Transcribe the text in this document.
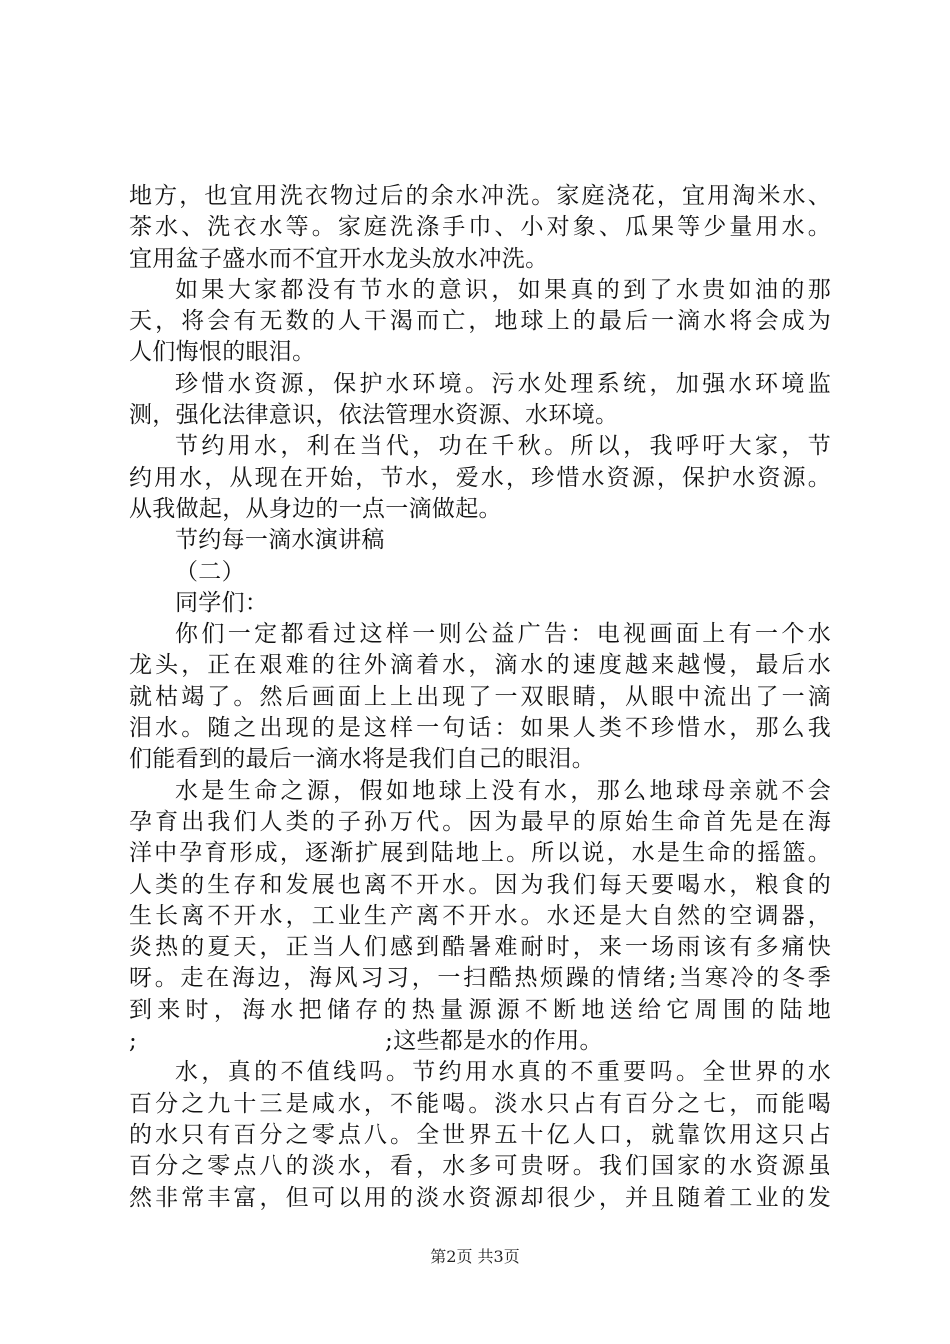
地方，也宜用洗衣物过后的余水冲洗。家庭浇花，宜用淘米水、
茶水、洗衣水等。家庭洗涤手巾、小对象、瓜果等少量用水。
宜用盆子盛水而不宜开水龙头放水冲洗。
如果大家都没有节水的意识，如果真的到了水贵如油的那
天，将会有无数的人干渴而亡，地球上的最后一滴水将会成为
人们悔恨的眼泪。
珍惜水资源，保护水环境。污水处理系统，加强水环境监
测，强化法律意识，依法管理水资源、水环境。
节约用水，利在当代，功在千秋。所以，我呼吁大家，节
约用水，从现在开始，节水，爱水，珍惜水资源，保护水资源。
从我做起，从身边的一点一滴做起。
节约每一滴水演讲稿
（二）
同学们：
你们一定都看过这样一则公益广告：电视画面上有一个水
龙头，正在艰难的往外滴着水，滴水的速度越来越慢，最后水
就枯竭了。然后画面上上出现了一双眼睛，从眼中流出了一滴
泪水。随之出现的是这样一句话：如果人类不珍惜水，那么我
们能看到的最后一滴水将是我们自己的眼泪。
水是生命之源，假如地球上没有水，那么地球母亲就不会
孕育出我们人类的子孙万代。因为最早的原始生命首先是在海
洋中孕育形成，逐渐扩展到陆地上。所以说，水是生命的摇篮。
人类的生存和发展也离不开水。因为我们每天要喝水，粮食的
生长离不开水，工业生产离不开水。水还是大自然的空调器，
炎热的夏天，正当人们感到酷暑难耐时，来一场雨该有多痛快
呀。走在海边，海风习习，一扫酷热烦躁的情绪;当寒冷的冬季
到来时，海水把储存的热量源源不断地送给它周围的陆地
;	;这些都是水的作用。
水，真的不值线吗。节约用水真的不重要吗。全世界的水
百分之九十三是咸水，不能喝。淡水只占有百分之七，而能喝
的水只有百分之零点八。全世界五十亿人口，就靠饮用这只占
百分之零点八的淡水，看，水多可贵呀。我们国家的水资源虽
然非常丰富，但可以用的淡水资源却很少，并且随着工业的发
第2页 共3页
